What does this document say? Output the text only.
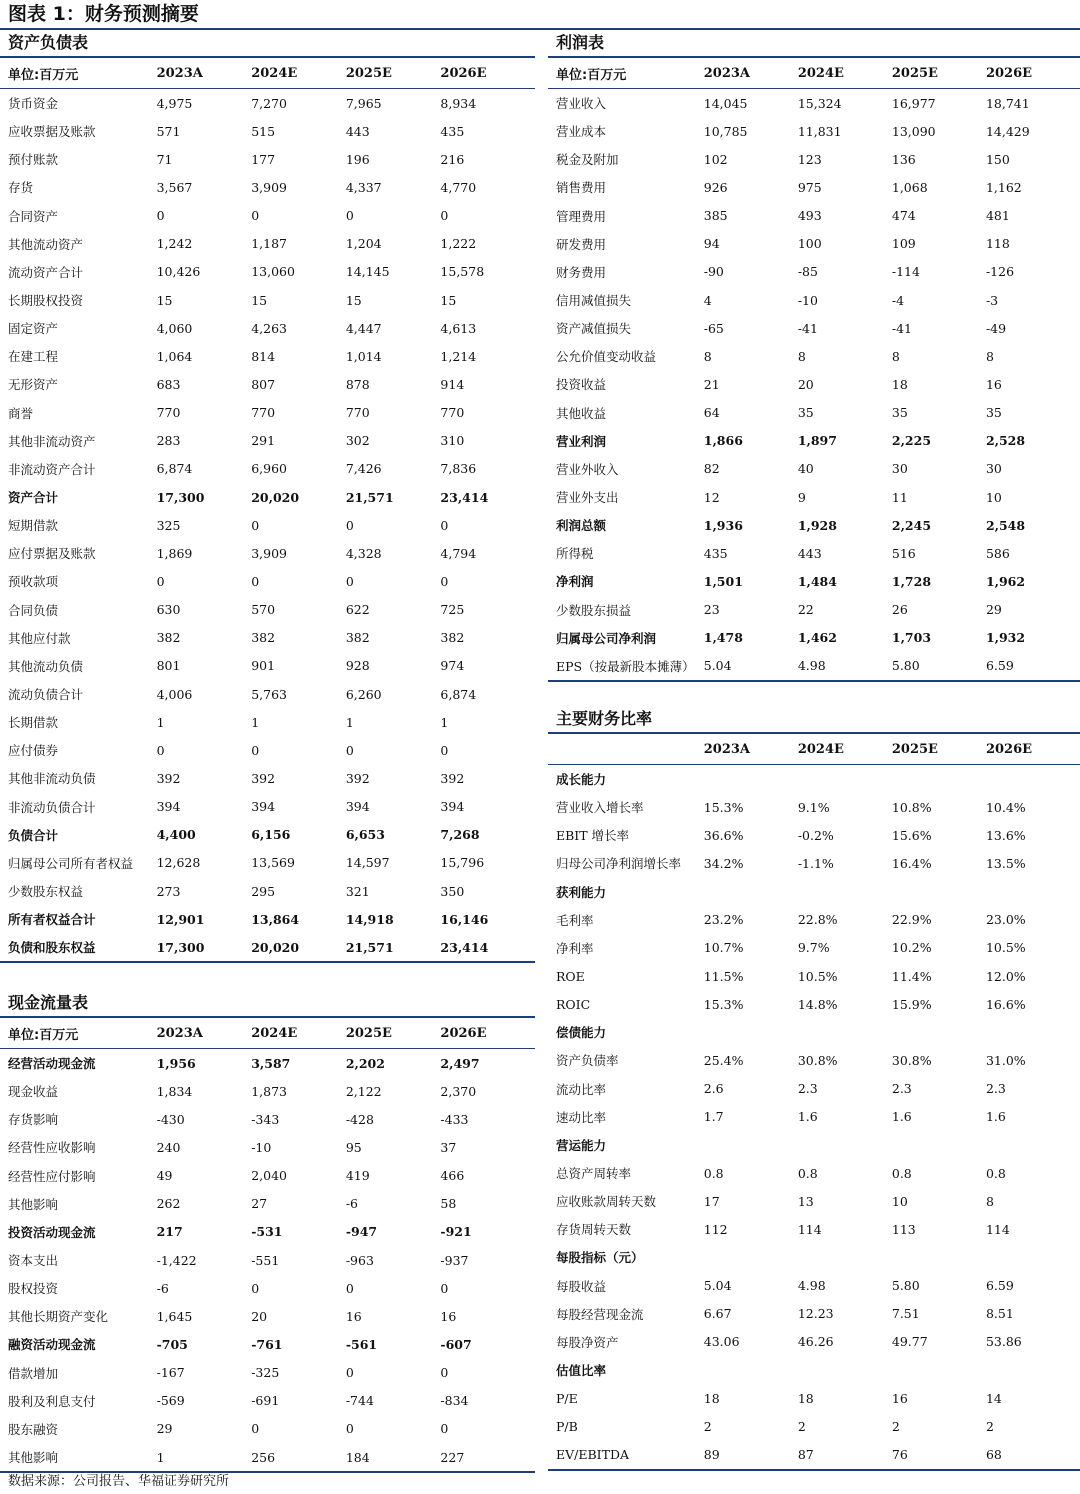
图表 1：财务预测摘要
资产负债表
单位:百万元	2023A	2024E	2025E	2026E
货币资金	4,975	7,270	7,965	8,934
应收票据及账款	571	515	443	435
预付账款	71	177	196	216
存货	3,567	3,909	4,337	4,770
合同资产	0	0	0	0
其他流动资产	1,242	1,187	1,204	1,222
流动资产合计	10,426	13,060	14,145	15,578
长期股权投资	15	15	15	15
固定资产	4,060	4,263	4,447	4,613
在建工程	1,064	814	1,014	1,214
无形资产	683	807	878	914
商誉	770	770	770	770
其他非流动资产	283	291	302	310
非流动资产合计	6,874	6,960	7,426	7,836
资产合计	17,300	20,020	21,571	23,414
短期借款	325	0	0	0
应付票据及账款	1,869	3,909	4,328	4,794
预收款项	0	0	0	0
合同负债	630	570	622	725
其他应付款	382	382	382	382
其他流动负债	801	901	928	974
流动负债合计	4,006	5,763	6,260	6,874
长期借款	1	1	1	1
应付债券	0	0	0	0
其他非流动负债	392	392	392	392
非流动负债合计	394	394	394	394
负债合计	4,400	6,156	6,653	7,268
归属母公司所有者权益	12,628	13,569	14,597	15,796
少数股东权益	273	295	321	350
所有者权益合计	12,901	13,864	14,918	16,146
负债和股东权益	17,300	20,020	21,571	23,414
现金流量表
单位:百万元	2023A	2024E	2025E	2026E
经营活动现金流	1,956	3,587	2,202	2,497
现金收益	1,834	1,873	2,122	2,370
存货影响	-430	-343	-428	-433
经营性应收影响	240	-10	95	37
经营性应付影响	49	2,040	419	466
其他影响	262	27	-6	58
投资活动现金流	217	-531	-947	-921
资本支出	-1,422	-551	-963	-937
股权投资	-6	0	0	0
其他长期资产变化	1,645	20	16	16
融资活动现金流	-705	-761	-561	-607
借款增加	-167	-325	0	0
股利及利息支付	-569	-691	-744	-834
股东融资	29	0	0	0
其他影响	1	256	184	227
利润表
单位:百万元	2023A	2024E	2025E	2026E
营业收入	14,045	15,324	16,977	18,741
营业成本	10,785	11,831	13,090	14,429
税金及附加	102	123	136	150
销售费用	926	975	1,068	1,162
管理费用	385	493	474	481
研发费用	94	100	109	118
财务费用	-90	-85	-114	-126
信用减值损失	4	-10	-4	-3
资产减值损失	-65	-41	-41	-49
公允价值变动收益	8	8	8	8
投资收益	21	20	18	16
其他收益	64	35	35	35
营业利润	1,866	1,897	2,225	2,528
营业外收入	82	40	30	30
营业外支出	12	9	11	10
利润总额	1,936	1,928	2,245	2,548
所得税	435	443	516	586
净利润	1,501	1,484	1,728	1,962
少数股东损益	23	22	26	29
归属母公司净利润	1,478	1,462	1,703	1,932
EPS（按最新股本摊薄） 5.04	4.98	5.80	6.59
主要财务比率
2023A	2024E	2025E	2026E
成长能力
营业收入增长率	15.3%	9.1%	10.8%	10.4%
EBIT 增长率	36.6%	-0.2%	15.6%	13.6%
归母公司净利润增长率	34.2%	-1.1%	16.4%	13.5%
获利能力
毛利率	23.2%	22.8%	22.9%	23.0%
净利率	10.7%	9.7%	10.2%	10.5%
ROE	11.5%	10.5%	11.4%	12.0%
ROIC	15.3%	14.8%	15.9%	16.6%
偿债能力
资产负债率	25.4%	30.8%	30.8%	31.0%
流动比率	2.6	2.3	2.3	2.3
速动比率	1.7	1.6	1.6	1.6
营运能力
总资产周转率	0.8	0.8	0.8	0.8
应收账款周转天数	17	13	10	8
存货周转天数	112	114	113	114
每股指标（元）
每股收益	5.04	4.98	5.80	6.59
每股经营现金流	6.67	12.23	7.51	8.51
每股净资产	43.06	46.26	49.77	53.86
估值比率
P/E	18	18	16	14
P/B	2	2	2	2
EV/EBITDA	89	87	76	68
数据来源：公司报告、华福证券研究所
